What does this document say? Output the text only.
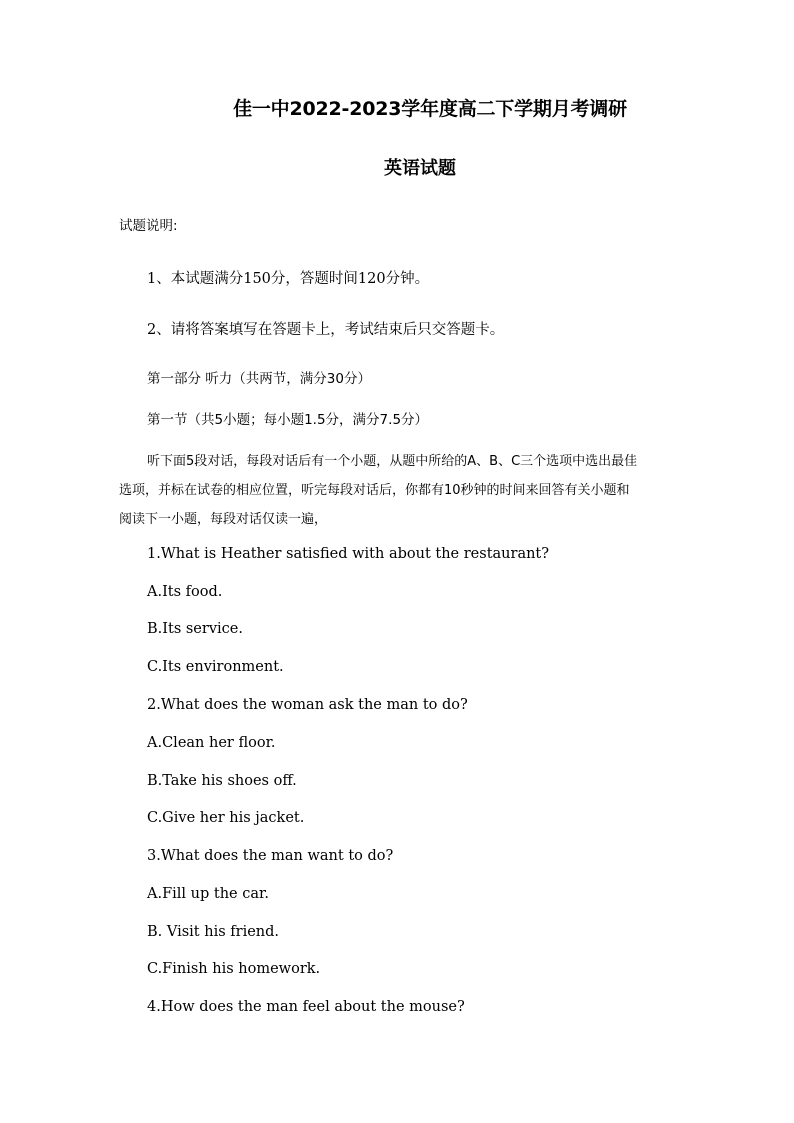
佳一中2022-2023学年度高二下学期月考调研
英语试题
试题说明:
1、本试题满分150分，答题时间120分钟。
2、请将答案填写在答题卡上，考试结束后只交答题卡。
第一部分 听力（共两节，满分30分）
第一节（共5小题；每小题1.5分，满分7.5分）
听下面5段对话，每段对话后有一个小题，从题中所给的A、B、C三个选项中选出最佳
选项，并标在试卷的相应位置，听完每段对话后，你都有10秒钟的时间来回答有关小题和
阅读下一小题，每段对话仅读一遍，
1.What is Heather satisfied with about the restaurant?
A.Its food.
B.Its service.
C.Its environment.
2.What does the woman ask the man to do?
A.Clean her floor.
B.Take his shoes off.
C.Give her his jacket.
3.What does the man want to do?
A.Fill up the car.
B. Visit his friend.
C.Finish his homework.
4.How does the man feel about the mouse?
